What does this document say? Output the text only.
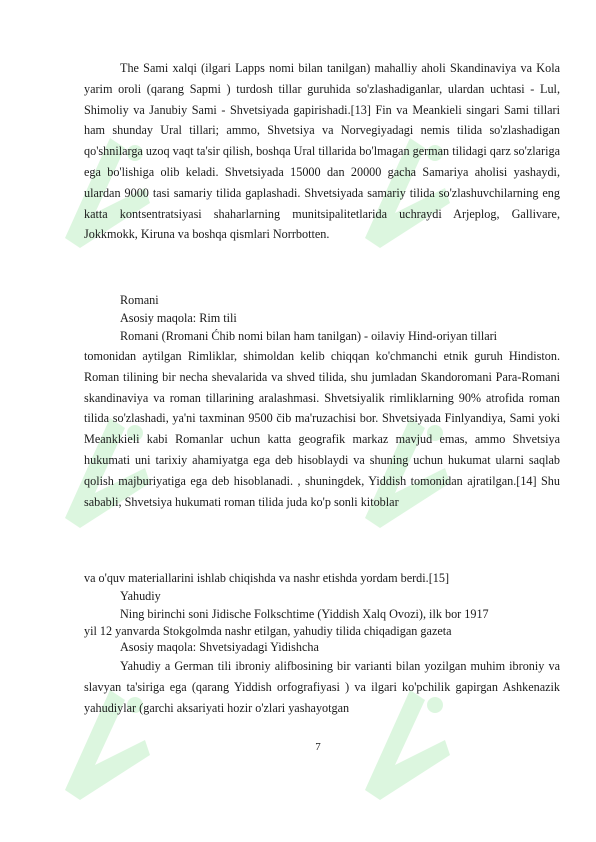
The Sami xalqi (ilgari Lapps nomi bilan tanilgan) mahalliy aholi Skandinaviya va Kola yarim oroli (qarang Sapmi ) turdosh tillar guruhida so'zlashadiganlar, ulardan uchtasi - Lul, Shimoliy va Janubiy Sami - Shvetsiyada gapirishadi.[13] Fin va Meankieli singari Sami tillari ham shunday Ural tillari; ammo, Shvetsiya va Norvegiyadagi nemis tilida so'zlashadigan qo'shnilarga uzoq vaqt ta'sir qilish, boshqa Ural tillarida bo'lmagan german tilidagi qarz so'zlariga ega bo'lishiga olib keladi. Shvetsiyada 15000 dan 20000 gacha Samariya aholisi yashaydi, ulardan 9000 tasi samariy tilida gaplashadi. Shvetsiyada samariy tilida so'zlashuvchilarning eng katta kontsentratsiyasi shaharlarning munitsipalitetlarida uchraydi Arjeplog, Gallivare, Jokkmokk, Kiruna va boshqa qismlari Norrbotten.

Romani

Asosiy maqola: Rim tili

Romani (Rromani Ćhib nomi bilan ham tanilgan) - oilaviy Hind-oriyan tillari

tomonidan aytilgan Rimliklar, shimoldan kelib chiqqan ko'chmanchi etnik guruh Hindiston. Roman tilining bir necha shevalarida va shved tilida, shu jumladan Skandoromani Para-Romani skandinaviya va roman tillarining aralashmasi. Shvetsiyalik rimliklarning 90% atrofida roman tilida so'zlashadi, ya'ni taxminan 9500 čib ma'ruzachisi bor. Shvetsiyada Finlyandiya, Sami yoki Meankkieli kabi Romanlar uchun katta geografik markaz mavjud emas, ammo Shvetsiya hukumati uni tarixiy ahamiyatga ega deb hisoblaydi va shuning uchun hukumat ularni saqlab qolish majburiyatiga ega deb hisoblanadi. , shuningdek, Yiddish tomonidan ajratilgan.[14] Shu sababli, Shvetsiya hukumati roman tilida juda ko'p sonli kitoblar

va o'quv materiallarini ishlab chiqishda va nashr etishda yordam berdi.[15]

Yahudiy

Ning birinchi soni Jidische Folkschtime (Yiddish Xalq Ovozi), ilk bor 1917

yil 12 yanvarda Stokgolmda nashr etilgan, yahudiy tilida chiqadigan gazeta

Asosiy maqola: Shvetsiyadagi Yidishcha

Yahudiy a German tili ibroniy alifbosining bir varianti bilan yozilgan muhim ibroniy va slavyan ta'siriga ega (qarang Yiddish orfografiyasi ) va ilgari ko'pchilik gapirgan Ashkenazik yahudiylar (garchi aksariyati hozir o'zlari yashayotgan

7
